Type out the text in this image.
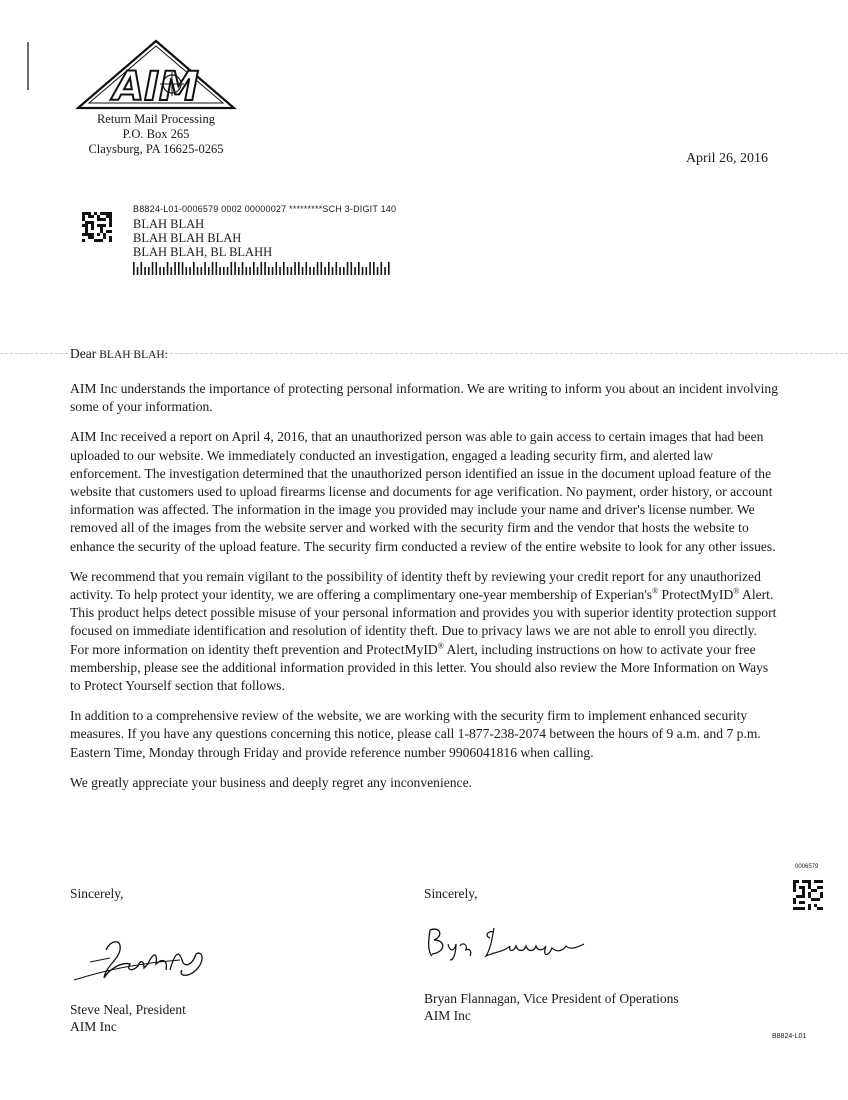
AIM
Return Mail Processing
P.O. Box 265
Claysburg, PA 16625-0265
April 26, 2016
B8824-L01-0006579 0002 00000027 *********SCH 3-DIGIT 140
BLAH BLAH
BLAH BLAH BLAH
BLAH BLAH, BL BLAHH
Dear BLAH BLAH:

AIM Inc understands the importance of protecting personal information. We are writing to inform you about an incident involving some of your information.

AIM Inc received a report on April 4, 2016, that an unauthorized person was able to gain access to certain images that had been uploaded to our website. We immediately conducted an investigation, engaged a leading security firm, and alerted law enforcement. The investigation determined that the unauthorized person identified an issue in the document upload feature of the website that customers used to upload firearms license and documents for age verification. No payment, order history, or account information was affected. The information in the image you provided may include your name and driver's license number. We removed all of the images from the website server and worked with the security firm and the vendor that hosts the website to enhance the security of the upload feature. The security firm conducted a review of the entire website to look for any other issues.

We recommend that you remain vigilant to the possibility of identity theft by reviewing your credit report for any unauthorized activity. To help protect your identity, we are offering a complimentary one-year membership of Experian's® ProtectMyID® Alert. This product helps detect possible misuse of your personal information and provides you with superior identity protection support focused on immediate identification and resolution of identity theft. Due to privacy laws we are not able to enroll you directly. For more information on identity theft prevention and ProtectMyID® Alert, including instructions on how to activate your free membership, please see the additional information provided in this letter. You should also review the More Information on Ways to Protect Yourself section that follows.

In addition to a comprehensive review of the website, we are working with the security firm to implement enhanced security measures. If you have any questions concerning this notice, please call 1-877-238-2074 between the hours of 9 a.m. and 7 p.m. Eastern Time, Monday through Friday and provide reference number 9906041816 when calling.

We greatly appreciate your business and deeply regret any inconvenience.

0006579
Sincerely,	Sincerely,
Steve Neal, President
AIM Inc
Bryan Flannagan, Vice President of Operations
AIM Inc
B8824-L01
